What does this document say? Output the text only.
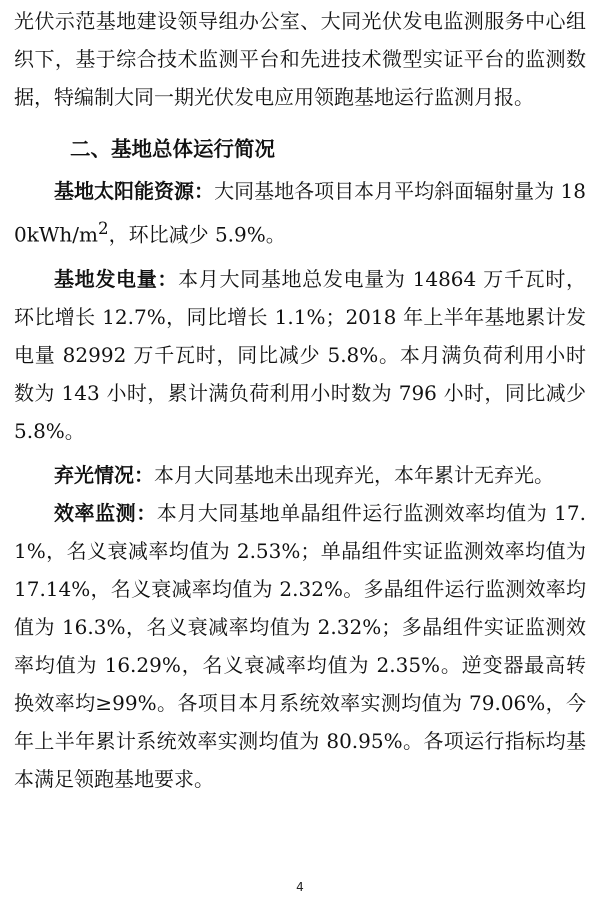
光伏示范基地建设领导组办公室、大同光伏发电监测服务中心组织下，基于综合技术监测平台和先进技术微型实证平台的监测数据，特编制大同一期光伏发电应用领跑基地运行监测月报。

二、基地总体运行简况

基地太阳能资源：大同基地各项目本月平均斜面辐射量为 $180kWh/m^2$，环比减少 5.9%。

基地发电量：本月大同基地总发电量为 14864 万千瓦时，环比增长 12.7%，同比增长 1.1%；2018 年上半年基地累计发电量 82992 万千瓦时，同比减少 5.8%。本月满负荷利用小时数为 143 小时，累计满负荷利用小时数为 796 小时，同比减少 5.8%。

弃光情况：本月大同基地未出现弃光，本年累计无弃光。

效率监测：本月大同基地单晶组件运行监测效率均值为 17.1%，名义衰减率均值为 2.53%；单晶组件实证监测效率均值为 17.14%，名义衰减率均值为 2.32%。多晶组件运行监测效率均值为 16.3%，名义衰减率均值为 2.32%；多晶组件实证监测效率均值为 16.29%，名义衰减率均值为 2.35%。逆变器最高转换效率均≥99%。各项目本月系统效率实测均值为 79.06%，今年上半年累计系统效率实测均值为 80.95%。各项运行指标均基本满足领跑基地要求。

4
